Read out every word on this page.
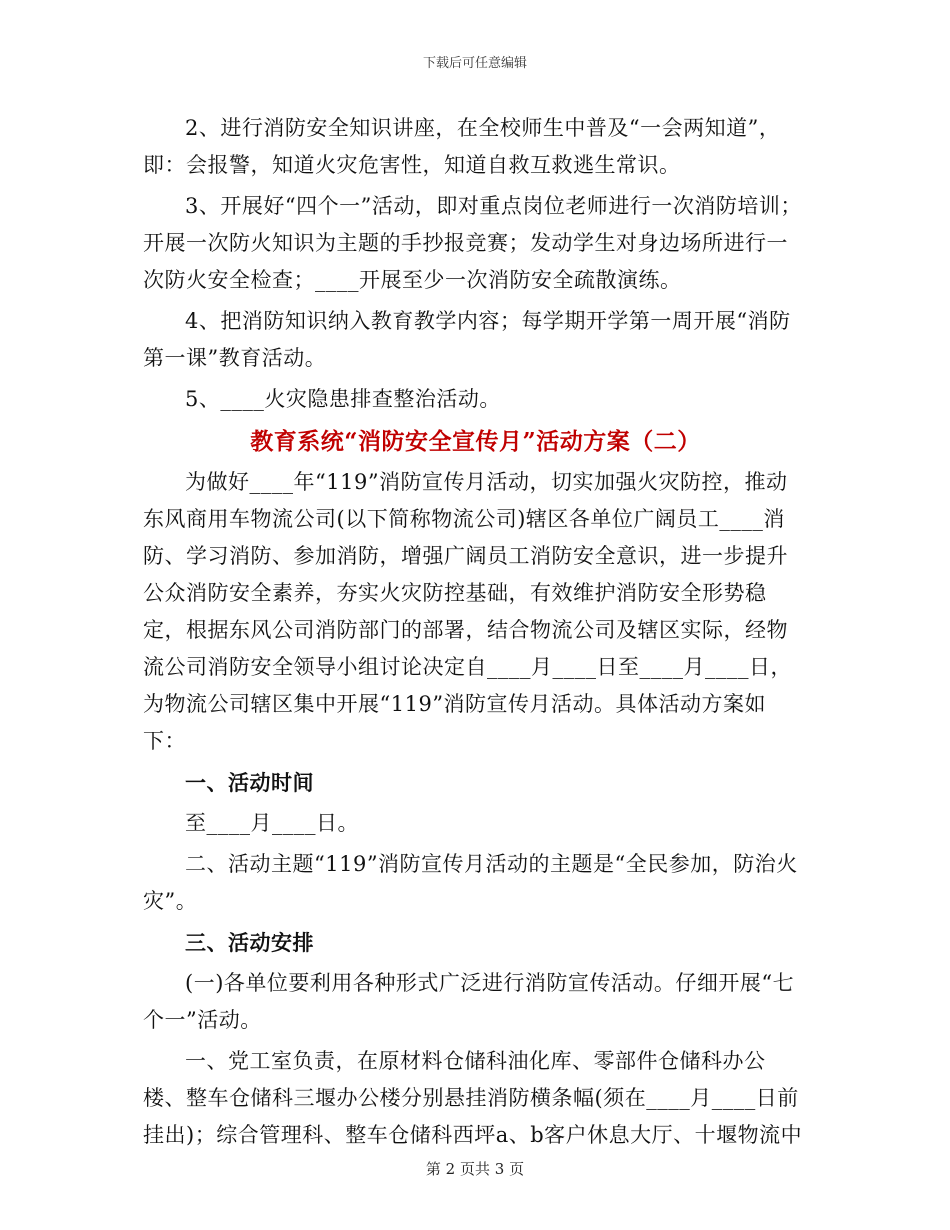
下载后可任意编辑

2、进行消防安全知识讲座，在全校师生中普及“一会两知道”，即：会报警，知道火灾危害性，知道自救互救逃生常识。

3、开展好“四个一”活动，即对重点岗位老师进行一次消防培训；开展一次防火知识为主题的手抄报竞赛；发动学生对身边场所进行一次防火安全检查；____开展至少一次消防安全疏散演练。

4、把消防知识纳入教育教学内容；每学期开学第一周开展“消防第一课”教育活动。

5、____火灾隐患排查整治活动。

教育系统“消防安全宣传月”活动方案（二）

为做好____年“119”消防宣传月活动，切实加强火灾防控，推动东风商用车物流公司(以下简称物流公司)辖区各单位广阔员工____消防、学习消防、参加消防，增强广阔员工消防安全意识，进一步提升公众消防安全素养，夯实火灾防控基础，有效维护消防安全形势稳定，根据东风公司消防部门的部署，结合物流公司及辖区实际，经物流公司消防安全领导小组讨论决定自____月____日至____月____日，为物流公司辖区集中开展“119”消防宣传月活动。具体活动方案如下：

一、活动时间

至____月____日。

二、活动主题“119”消防宣传月活动的主题是“全民参加，防治火灾”。

三、活动安排

(一)各单位要利用各种形式广泛进行消防宣传活动。仔细开展“七个一”活动。

一、党工室负责，在原材料仓储科油化库、零部件仓储科办公楼、整车仓储科三堰办公楼分别悬挂消防横条幅(须在____月____日前挂出)；综合管理科、整车仓储科西坪a、b客户休息大厅、十堰物流中

第 2 页共 3 页
